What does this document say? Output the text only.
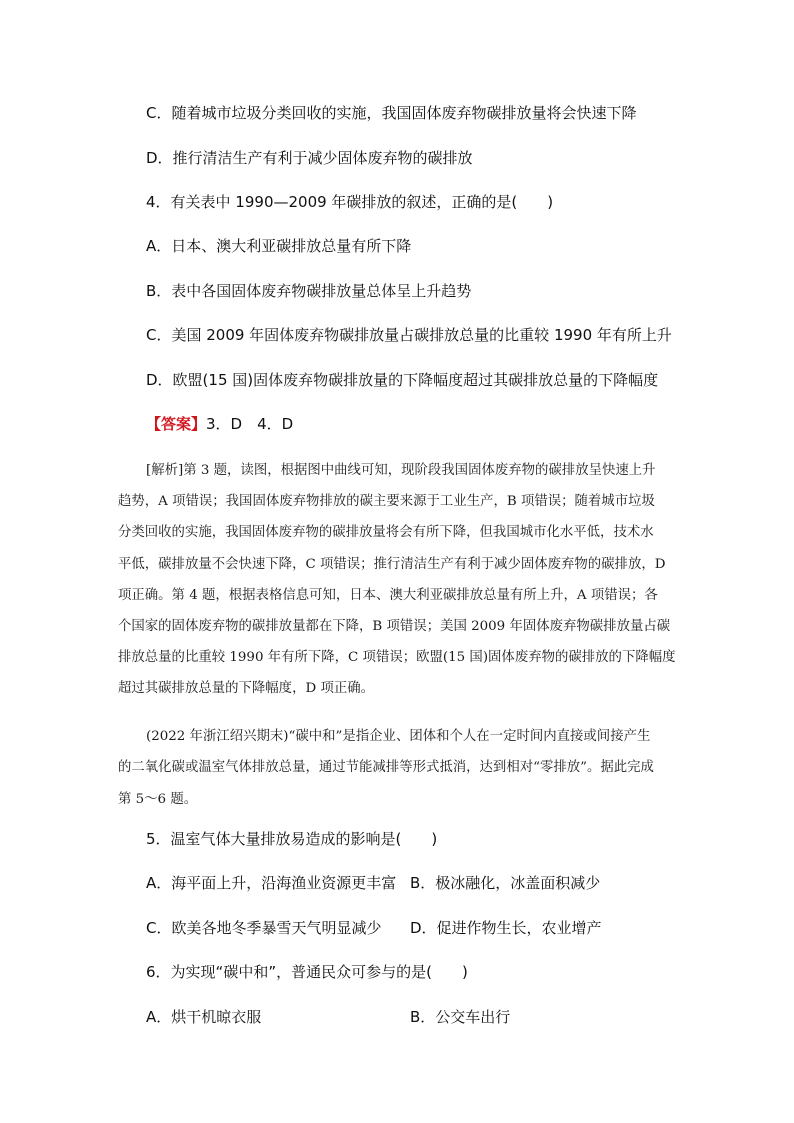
C．随着城市垃圾分类回收的实施，我国固体废弃物碳排放量将会快速下降
D．推行清洁生产有利于减少固体废弃物的碳排放
4．有关表中 1990—2009 年碳排放的叙述，正确的是(　　)
A．日本、澳大利亚碳排放总量有所下降
B．表中各国固体废弃物碳排放量总体呈上升趋势
C．美国 2009 年固体废弃物碳排放量占碳排放总量的比重较 1990 年有所上升
D．欧盟(15 国)固体废弃物碳排放量的下降幅度超过其碳排放总量的下降幅度
【答案】3．D　4．D
[解析]第 3 题，读图，根据图中曲线可知，现阶段我国固体废弃物的碳排放呈快速上升
趋势，A 项错误；我国固体废弃物排放的碳主要来源于工业生产，B 项错误；随着城市垃圾
分类回收的实施，我国固体废弃物的碳排放量将会有所下降，但我国城市化水平低，技术水
平低，碳排放量不会快速下降，C 项错误；推行清洁生产有利于减少固体废弃物的碳排放，D
项正确。第 4 题，根据表格信息可知，日本、澳大利亚碳排放总量有所上升，A 项错误；各
个国家的固体废弃物的碳排放量都在下降，B 项错误；美国 2009 年固体废弃物碳排放量占碳
排放总量的比重较 1990 年有所下降，C 项错误；欧盟(15 国)固体废弃物的碳排放的下降幅度
超过其碳排放总量的下降幅度，D 项正确。
(2022 年浙江绍兴期末)“碳中和”是指企业、团体和个人在一定时间内直接或间接产生
的二氧化碳或温室气体排放总量，通过节能减排等形式抵消，达到相对“零排放”。据此完成
第 5～6 题。
5．温室气体大量排放易造成的影响是(　　)
A．海平面上升，沿海渔业资源更丰富 B．极冰融化，冰盖面积减少
C．欧美各地冬季暴雪天气明显减少 D．促进作物生长，农业增产
6．为实现“碳中和”，普通民众可参与的是(　　)
A．烘干机晾衣服	B．公交车出行
